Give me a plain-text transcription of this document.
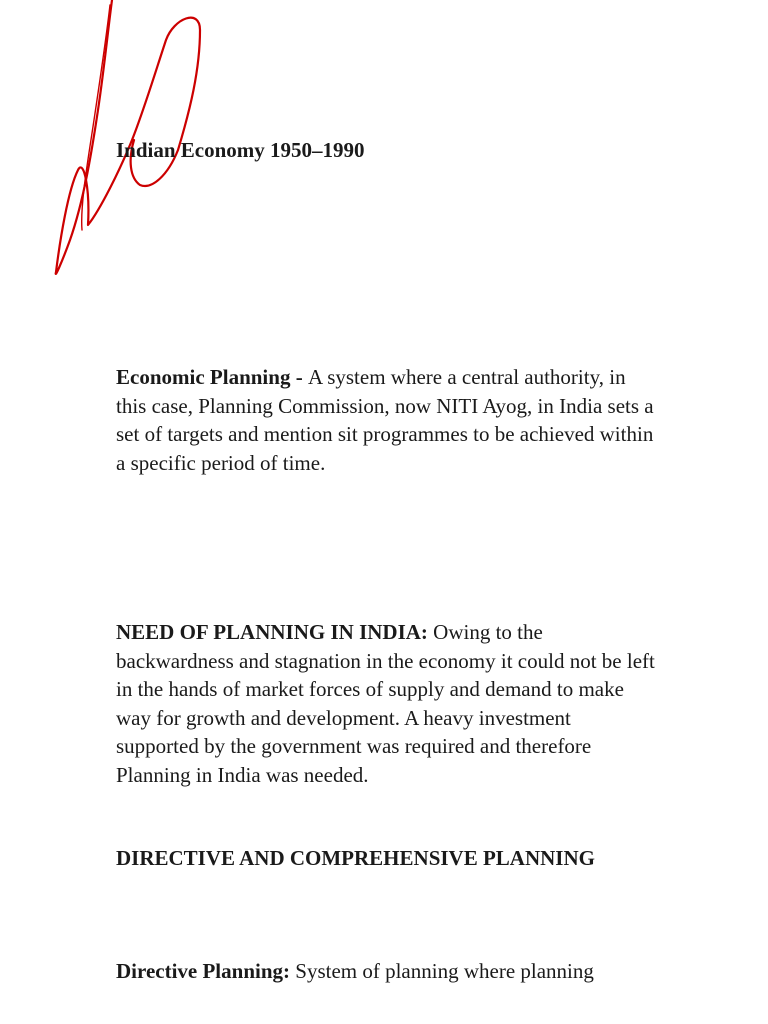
Indian Economy 1950–1990

Economic Planning - A system where a central authority, in this case, Planning Commission, now NITI Ayog, in India sets a set of targets and mention sit programmes to be achieved within a specific period of time.

NEED OF PLANNING IN INDIA: Owing to the backwardness and stagnation in the economy it could not be left in the hands of market forces of supply and demand to make way for growth and development. A heavy investment supported by the government was required and therefore Planning in India was needed.

DIRECTIVE AND COMPREHENSIVE PLANNING

Directive Planning: System of planning where planning
